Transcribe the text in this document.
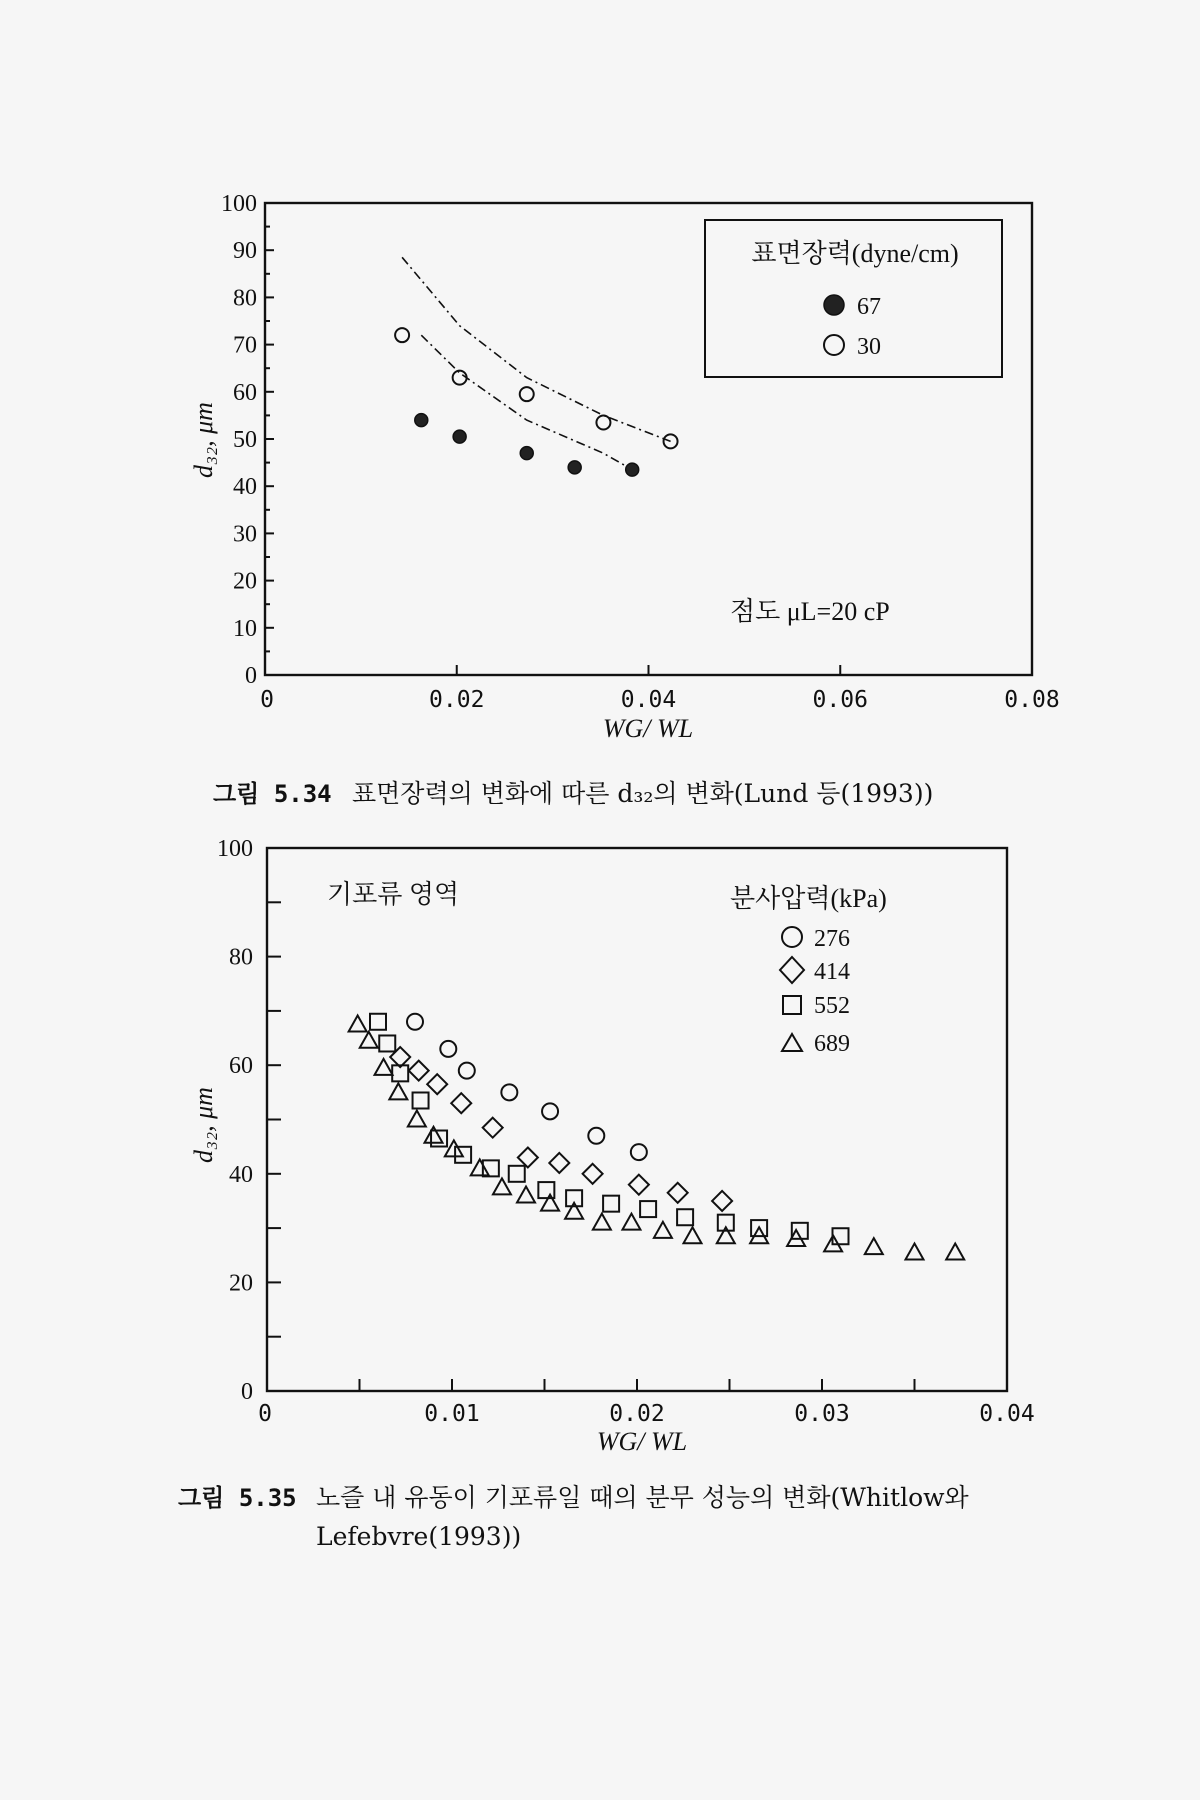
0
10
20
30
40
50
60
70
80
90
100
0	0.02	0.04	0.06	0.08
d₃₂, μm
WG/ WL
표면장력(dyne/cm)
67
30
점도 μL=20 cP
그림 5.34 표면장력의 변화에 따른 d₃₂의 변화(Lund 등(1993))
0
20
40
60
80
100
0	0.01	0.02	0.03	0.04
d₃₂, μm
WG/ WL
기포류 영역	분사압력(kPa)
276
414
552
689
그림 5.35 노즐 내 유동이 기포류일 때의 분무 성능의 변화(Whitlow와
Lefebvre(1993))
